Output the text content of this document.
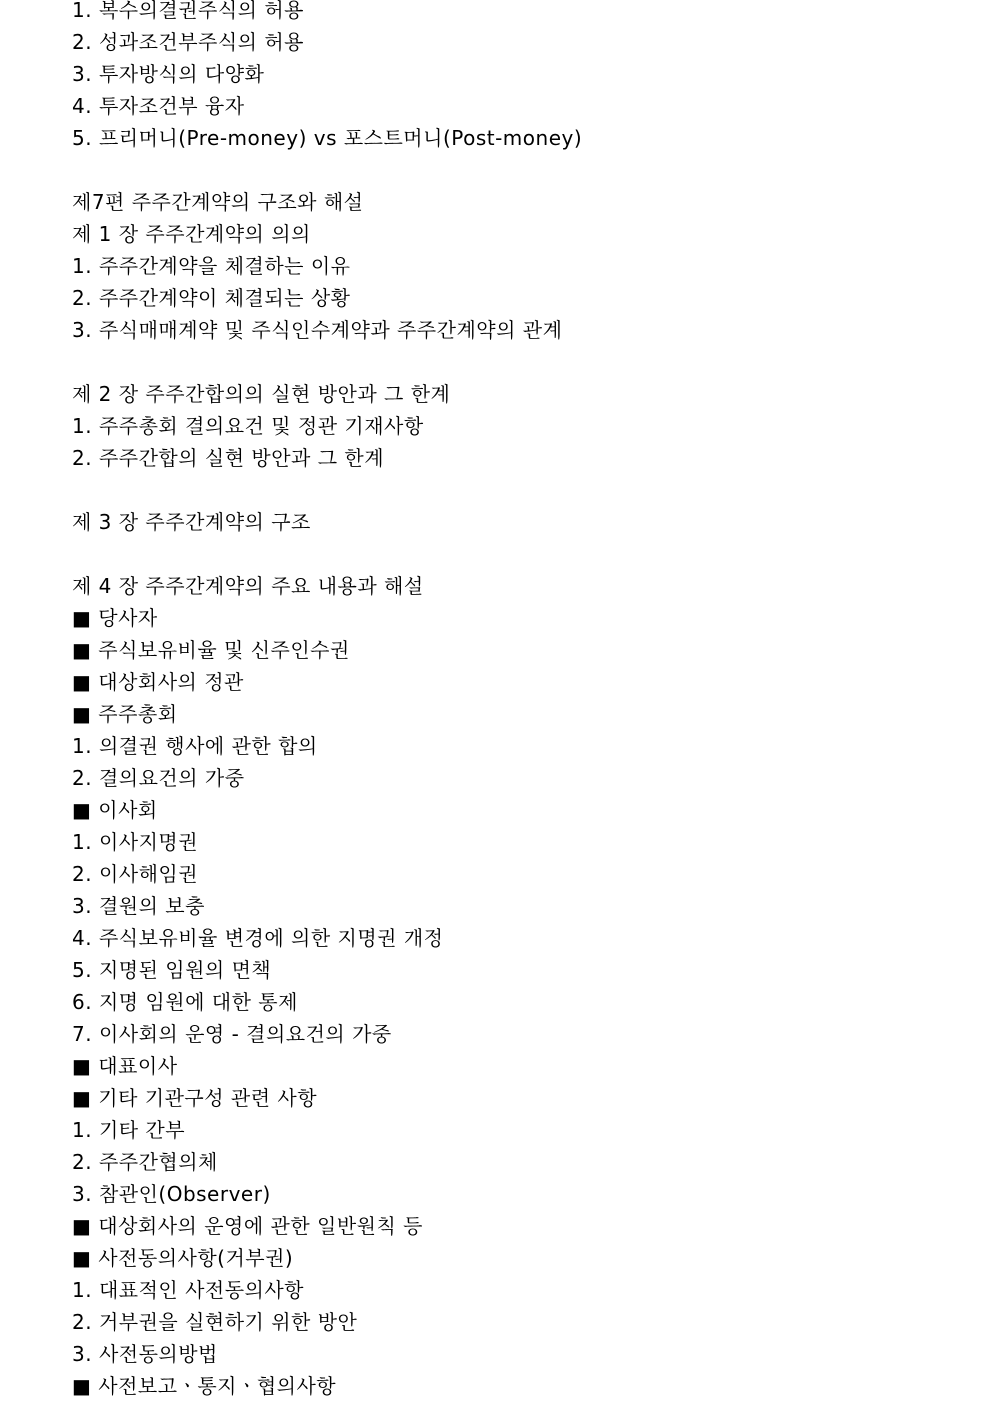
1. 복수의결권주식의 허용
2. 성과조건부주식의 허용
3. 투자방식의 다양화
4. 투자조건부 융자
5. 프리머니(Pre-money) vs 포스트머니(Post-money)
제7편 주주간계약의 구조와 해설
제 1 장 주주간계약의 의의
1. 주주간계약을 체결하는 이유
2. 주주간계약이 체결되는 상황
3. 주식매매계약 및 주식인수계약과 주주간계약의 관계
제 2 장 주주간합의의 실현 방안과 그 한계
1. 주주총회 결의요건 및 정관 기재사항
2. 주주간합의 실현 방안과 그 한계
제 3 장 주주간계약의 구조
제 4 장 주주간계약의 주요 내용과 해설
■ 당사자
■ 주식보유비율 및 신주인수권
■ 대상회사의 정관
■ 주주총회
1. 의결권 행사에 관한 합의
2. 결의요건의 가중
■ 이사회
1. 이사지명권
2. 이사해임권
3. 결원의 보충
4. 주식보유비율 변경에 의한 지명권 개정
5. 지명된 임원의 면책
6. 지명 임원에 대한 통제
7. 이사회의 운영 - 결의요건의 가중
■ 대표이사
■ 기타 기관구성 관련 사항
1. 기타 간부
2. 주주간협의체
3. 참관인(Observer)
■ 대상회사의 운영에 관한 일반원칙 등
■ 사전동의사항(거부권)
1. 대표적인 사전동의사항
2. 거부권을 실현하기 위한 방안
3. 사전동의방법
■ 사전보고ㆍ통지ㆍ협의사항
